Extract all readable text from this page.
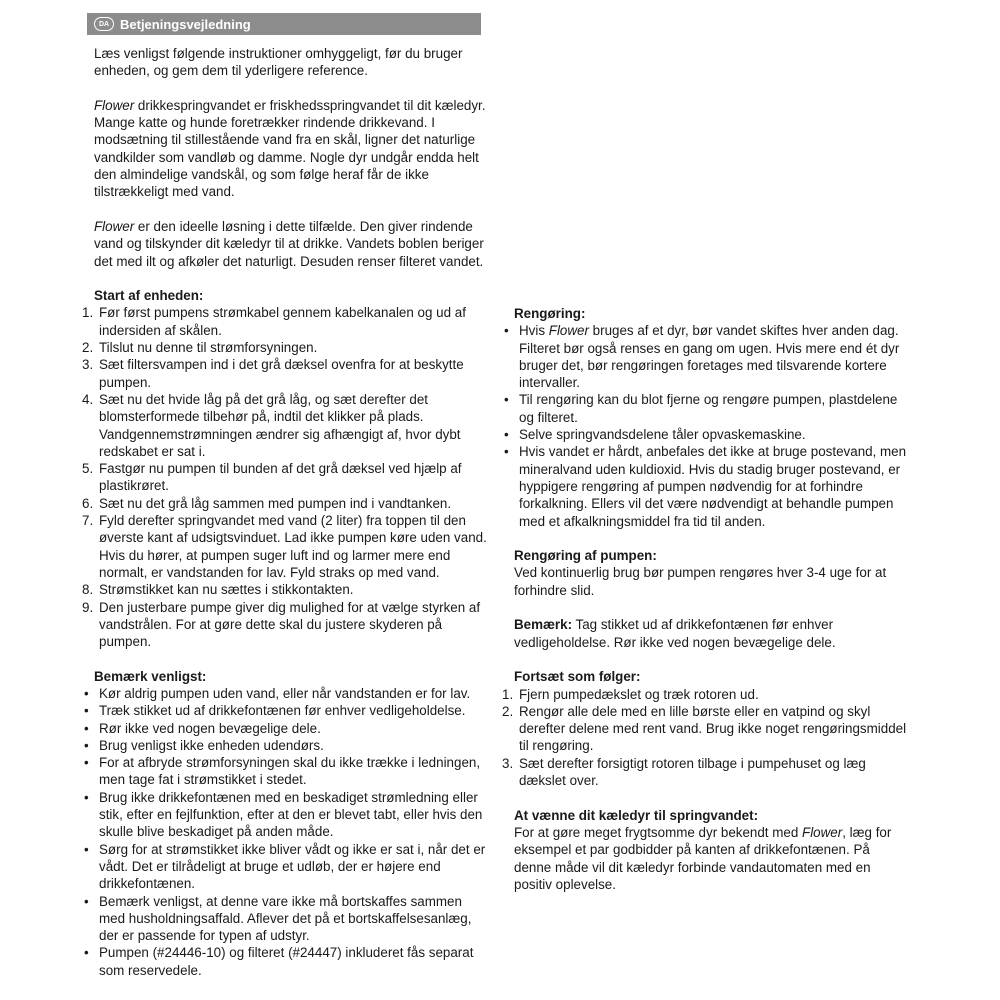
DA Betjeningsvejledning

Læs venligst følgende instruktioner omhyggeligt, før du bruger enheden, og gem dem til yderligere reference.

Flower drikkespringvandet er friskhedsspringvandet til dit kæledyr. Mange katte og hunde foretrækker rindende drikkevand. I modsætning til stillestående vand fra en skål, ligner det naturlige vandkilder som vandløb og damme. Nogle dyr undgår endda helt den almindelige vandskål, og som følge heraf får de ikke tilstrækkeligt med vand.

Flower er den ideelle løsning i dette tilfælde. Den giver rindende vand og tilskynder dit kæledyr til at drikke. Vandets boblen beriger det med ilt og afkøler det naturligt. Desuden renser filteret vandet.

Start af enheden:

1. Før først pumpens strømkabel gennem kabelkanalen og ud af indersiden af skålen.
2. Tilslut nu denne til strømforsyningen.
3. Sæt filtersvampen ind i det grå dæksel ovenfra for at beskytte pumpen.
4. Sæt nu det hvide låg på det grå låg, og sæt derefter det blomsterformede tilbehør på, indtil det klikker på plads. Vandgennemstrømningen ændrer sig afhængigt af, hvor dybt redskabet er sat i.
5. Fastgør nu pumpen til bunden af det grå dæksel ved hjælp af plastikrøret.
6. Sæt nu det grå låg sammen med pumpen ind i vandtanken.
7. Fyld derefter springvandet med vand (2 liter) fra toppen til den øverste kant af udsigtsvinduet. Lad ikke pumpen køre uden vand. Hvis du hører, at pumpen suger luft ind og larmer mere end normalt, er vandstanden for lav. Fyld straks op med vand.
8. Strømstikket kan nu sættes i stikkontakten.
9. Den justerbare pumpe giver dig mulighed for at vælge styrken af vandstrålen. For at gøre dette skal du justere skyderen på pumpen.

Bemærk venligst:

• Kør aldrig pumpen uden vand, eller når vandstanden er for lav.
• Træk stikket ud af drikkefontænen før enhver vedligeholdelse.
• Rør ikke ved nogen bevægelige dele.
• Brug venligst ikke enheden udendørs.
• For at afbryde strømforsyningen skal du ikke trække i ledningen, men tage fat i strømstikket i stedet.
• Brug ikke drikkefontænen med en beskadiget strømledning eller stik, efter en fejlfunktion, efter at den er blevet tabt, eller hvis den skulle blive beskadiget på anden måde.
• Sørg for at strømstikket ikke bliver vådt og ikke er sat i, når det er vådt. Det er tilrådeligt at bruge et udløb, der er højere end drikkefontænen.
• Bemærk venligst, at denne vare ikke må bortskaffes sammen med husholdningsaffald. Aflever det på et bortskaffelsesanlæg, der er passende for typen af udstyr.
• Pumpen (#24446-10) og filteret (#24447) inkluderet fås separat som reservedele.

Rengøring:

• Hvis Flower bruges af et dyr, bør vandet skiftes hver anden dag. Filteret bør også renses en gang om ugen. Hvis mere end ét dyr bruger det, bør rengøringen foretages med tilsvarende kortere intervaller.
• Til rengøring kan du blot fjerne og rengøre pumpen, plastdelene og filteret.
• Selve springvandsdelene tåler opvaskemaskine.
• Hvis vandet er hårdt, anbefales det ikke at bruge postevand, men mineralvand uden kuldioxid. Hvis du stadig bruger postevand, er hyppigere rengøring af pumpen nødvendig for at forhindre forkalkning. Ellers vil det være nødvendigt at behandle pumpen med et afkalkningsmiddel fra tid til anden.

Rengøring af pumpen:

Ved kontinuerlig brug bør pumpen rengøres hver 3-4 uge for at forhindre slid.

Bemærk: Tag stikket ud af drikkefontænen før enhver vedligeholdelse. Rør ikke ved nogen bevægelige dele.

Fortsæt som følger:

1. Fjern pumpedækslet og træk rotoren ud.
2. Rengør alle dele med en lille børste eller en vatpind og skyl derefter delene med rent vand. Brug ikke noget rengøringsmiddel til rengøring.
3. Sæt derefter forsigtigt rotoren tilbage i pumpehuset og læg dækslet over.

At vænne dit kæledyr til springvandet:

For at gøre meget frygtsomme dyr bekendt med Flower, læg for eksempel et par godbidder på kanten af drikkefontænen. På denne måde vil dit kæledyr forbinde vandautomaten med en positiv oplevelse.
